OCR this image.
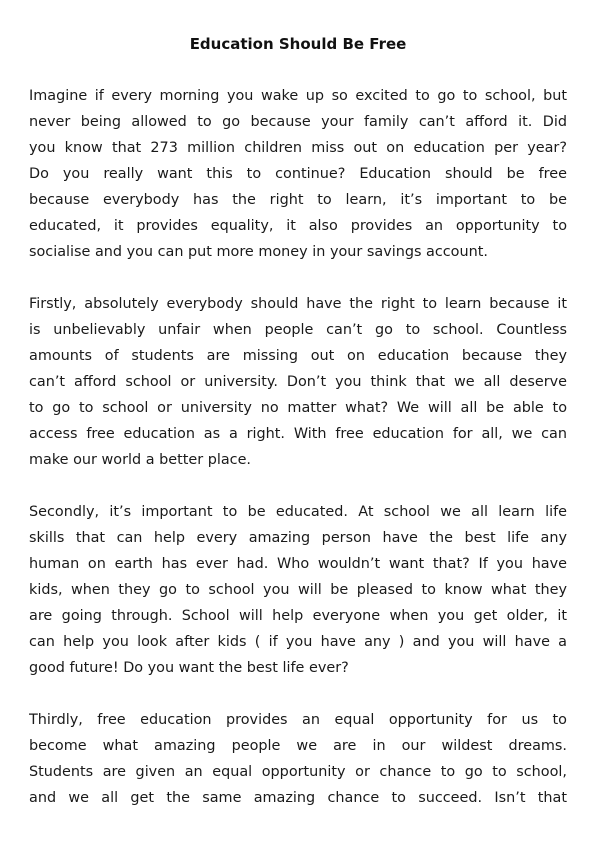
Education Should Be Free

Imagine if every morning you wake up so excited to go to school, but
never being allowed to go because your family can’t afford it. Did
you know that 273 million children miss out on education per year?
Do you really want this to continue? Education should be free
because everybody has the right to learn, it’s important to be
educated, it provides equality, it also provides an opportunity to
socialise and you can put more money in your savings account.

Firstly, absolutely everybody should have the right to learn because it
is unbelievably unfair when people can’t go to school. Countless
amounts of students are missing out on education because they
can’t afford school or university. Don’t you think that we all deserve
to go to school or university no matter what? We will all be able to
access free education as a right. With free education for all, we can
make our world a better place.

Secondly, it’s important to be educated. At school we all learn life
skills that can help every amazing person have the best life any
human on earth has ever had. Who wouldn’t want that? If you have
kids, when they go to school you will be pleased to know what they
are going through. School will help everyone when you get older, it
can help you look after kids ( if you have any ) and you will have a
good future! Do you want the best life ever?

Thirdly, free education provides an equal opportunity for us to
become what amazing people we are in our wildest dreams.
Students are given an equal opportunity or chance to go to school,
and we all get the same amazing chance to succeed. Isn’t that
